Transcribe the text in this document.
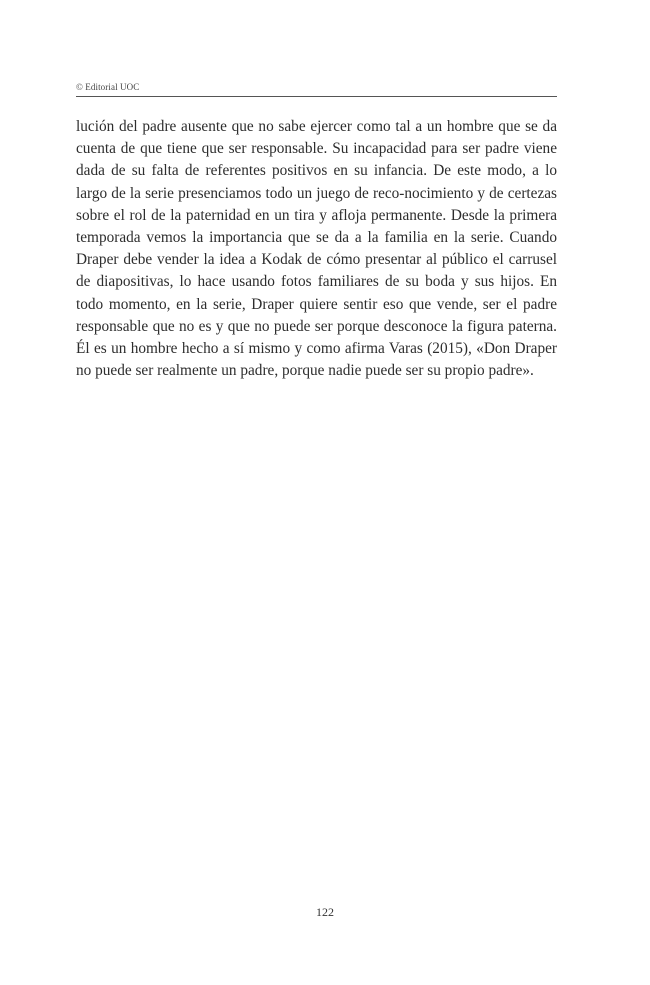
© Editorial UOC

lución del padre ausente que no sabe ejercer como tal a un hombre que se da cuenta de que tiene que ser responsable. Su incapacidad para ser padre viene dada de su falta de referentes positivos en su infancia. De este modo, a lo largo de la serie presenciamos todo un juego de reco-nocimiento y de certezas sobre el rol de la paternidad en un tira y afloja permanente. Desde la primera temporada vemos la importancia que se da a la familia en la serie. Cuando Draper debe vender la idea a Kodak de cómo presentar al público el carrusel de diapositivas, lo hace usando fotos familiares de su boda y sus hijos. En todo momento, en la serie, Draper quiere sentir eso que vende, ser el padre responsable que no es y que no puede ser porque desconoce la figura paterna. Él es un hombre hecho a sí mismo y como afirma Varas (2015), «Don Draper no puede ser realmente un padre, porque nadie puede ser su propio padre».

122
